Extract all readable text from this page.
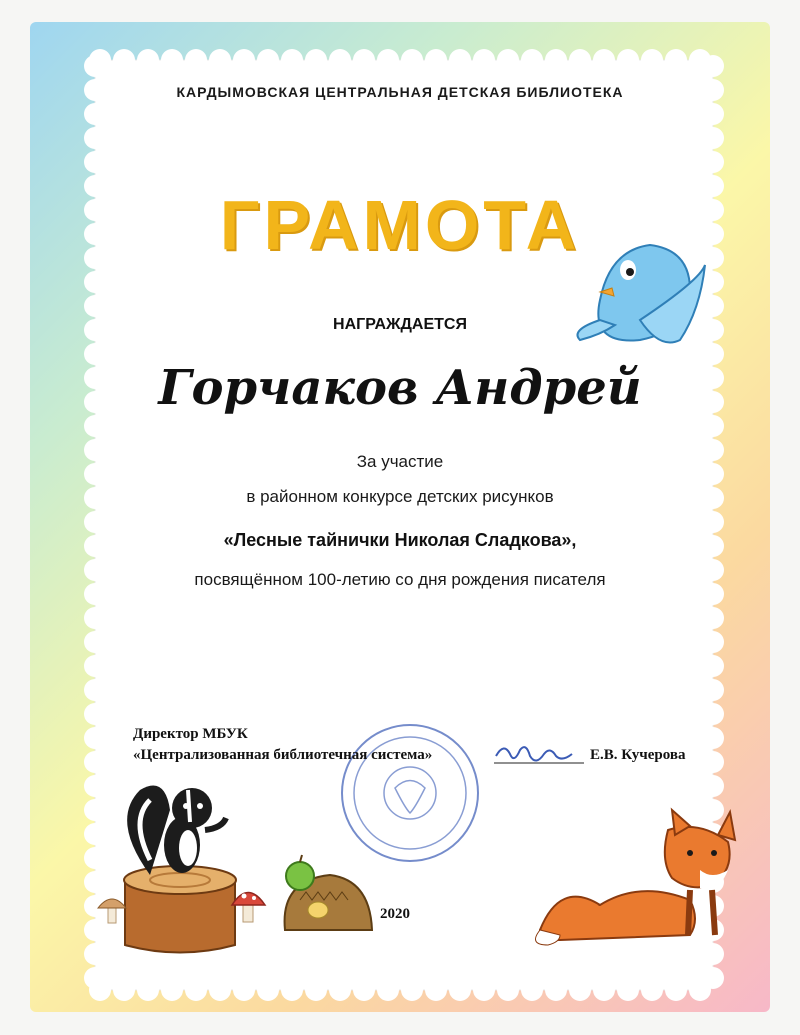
КАРДЫМОВСКАЯ ЦЕНТРАЛЬНАЯ ДЕТСКАЯ БИБЛИОТЕКА
ГРАМОТА
НАГРАЖДАЕТСЯ
Горчаков Андрей
За участие
в районном конкурсе детских рисунков
«Лесные тайнички Николая Сладкова»,
посвящённом 100-летию со дня рождения писателя
Директор МБУК
«Централизованная библиотечная система»	Е.В. Кучерова
2020
